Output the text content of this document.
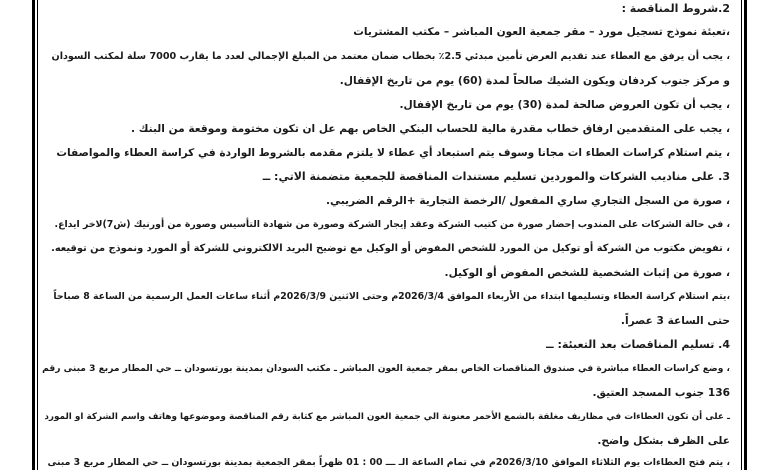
2.شروط المناقصة :
،تعبئة نموذج تسجيل مورد – مقر جمعية العون المباشر – مكتب المشتريات
، يجب أن يرفق مع العطاء عند تقديم العرض تأمين مبدئي 2.5٪ بخطاب ضمان معتمد من المبلغ الإجمالي لعدد ما يقارب 7000 سلة لمكتب السودان
و مركز جنوب كردفان ويكون الشيك صالحاً لمدة (60) يوم من تاريخ الإقفال.
، يجب أن تكون العروض صالحة لمدة (30) يوم من تاريخ الإقفال.
، يجب على المتقدمين ارفاق خطاب مقدرة مالية للحساب البنكي الخاص بهم عل ان تكون مختومة وموقعة من البنك .
، يتم استلام كراسات العطاء ات مجانا وسوف يتم استبعاد أي عطاء لا يلتزم مقدمه بالشروط الواردة في كراسة العطاء والمواصفات
3. على مناديب الشركات والموردين تسليم مستندات المناقصة للجمعية متضمنة الاتي: ــ
، صورة من السجل التجاري ساري المفعول /الرخصة التجارية +الرقم الضريبي.
، في حالة الشركات على المندوب إحضار صورة من كتيب الشركة وعقد إيجار الشركة وصورة من شهادة التأسيس وصورة من أورنيك (ش7)لاخر ايداع.
، تفويض مكتوب من الشركة أو توكيل من المورد للشخص المفوض أو الوكيل مع توضيح البريد الالكتروني للشركة أو المورد ونموذج من توقيعه.
، صورة من إثبات الشخصية للشخص المفوض أو الوكيل.
،يتم استلام كراسة العطاء وتسليمها ابتداء من الأربعاء الموافق 2026/3/4م وحتى الاثنين 2026/3/9م أثناء ساعات العمل الرسمية من الساعة 8 صباحاً
حتى الساعة 3 عصراً.
4. تسليم المناقصات بعد التعبئة: ــ
، وضع كراسات العطاء مباشرة في صندوق المناقصات الخاص بمقر جمعية العون المباشر ـ مكتب السودان بمدينة بورتسودان ــ حي المطار مربع 3 مبنى رقم
136 جنوب المسجد العتيق.
ـ على أن تكون العطاءات في مظاريف مغلقة بالشمع الأحمر معنونة الي جمعية العون المباشر مع كتابة رقم المناقصة وموضوعها وهاتف واسم الشركة او المورد
على الظرف بشكل واضح.
، يتم فتح العطاءات يوم الثلاثاء الموافق 2026/3/10م في تمام الساعة الـ ـــ 00 : 01 ظهراً بمقر الجمعية بمدينة بورتسودان ــ حي المطار مربع 3 مبنى
